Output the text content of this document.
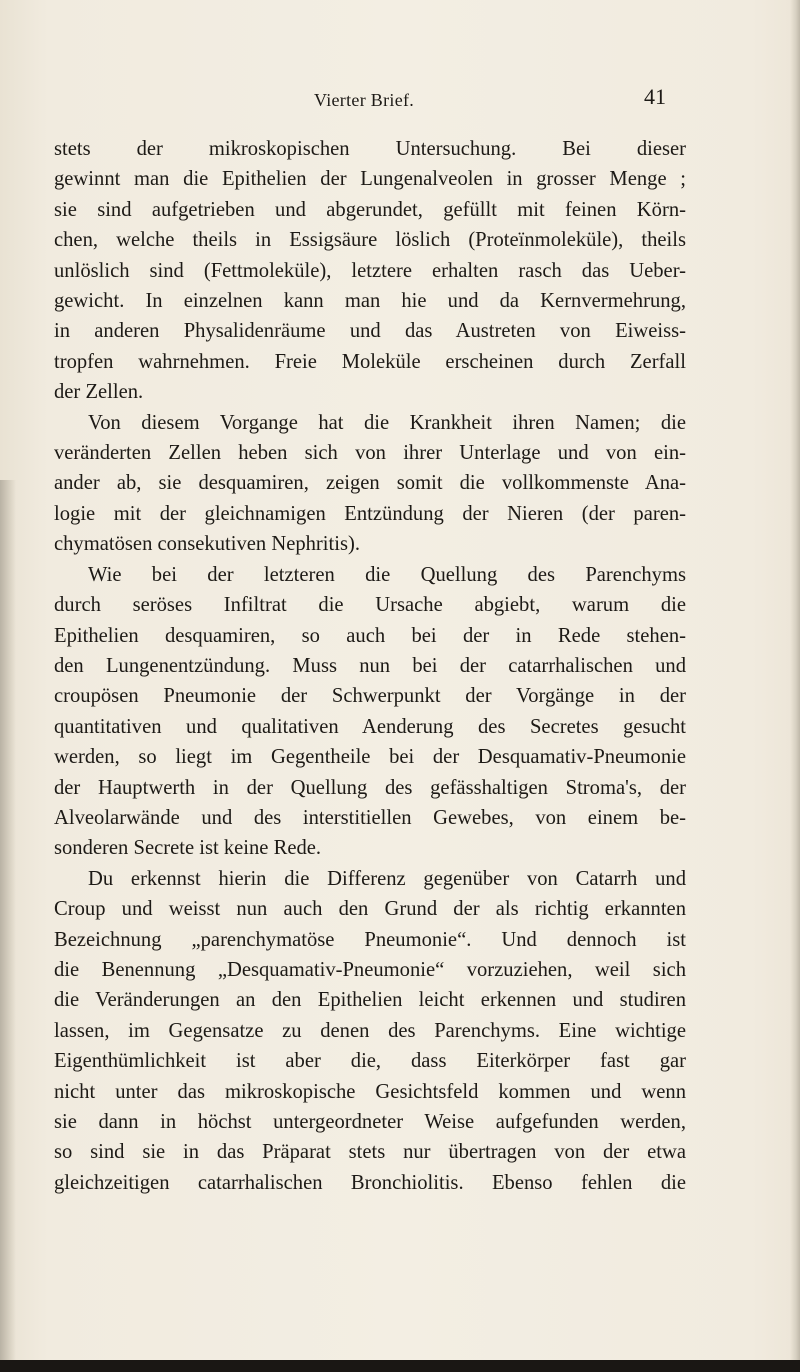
Vierter Brief.	41
stets der mikroskopischen Untersuchung. Bei dieser
gewinnt man die Epithelien der Lungenalveolen in grosser Menge ;
sie sind aufgetrieben und abgerundet, gefüllt mit feinen Körn-
chen, welche theils in Essigsäure löslich (Proteïnmoleküle), theils
unlöslich sind (Fettmoleküle), letztere erhalten rasch das Ueber-
gewicht. In einzelnen kann man hie und da Kernvermehrung,
in anderen Physalidenräume und das Austreten von Eiweiss-
tropfen wahrnehmen. Freie Moleküle erscheinen durch Zerfall
der Zellen.
Von diesem Vorgange hat die Krankheit ihren Namen; die
veränderten Zellen heben sich von ihrer Unterlage und von ein-
ander ab, sie desquamiren, zeigen somit die vollkommenste Ana-
logie mit der gleichnamigen Entzündung der Nieren (der paren-
chymatösen consekutiven Nephritis).
Wie bei der letzteren die Quellung des Parenchyms
durch seröses Infiltrat die Ursache abgiebt, warum die
Epithelien desquamiren, so auch bei der in Rede stehen-
den Lungenentzündung. Muss nun bei der catarrhalischen und
croupösen Pneumonie der Schwerpunkt der Vorgänge in der
quantitativen und qualitativen Aenderung des Secretes gesucht
werden, so liegt im Gegentheile bei der Desquamativ-Pneumonie
der Hauptwerth in der Quellung des gefässhaltigen Stroma's, der
Alveolarwände und des interstitiellen Gewebes, von einem be-
sonderen Secrete ist keine Rede.
Du erkennst hierin die Differenz gegenüber von Catarrh und
Croup und weisst nun auch den Grund der als richtig erkannten
Bezeichnung „parenchymatöse Pneumonie“. Und dennoch ist
die Benennung „Desquamativ-Pneumonie“ vorzuziehen, weil sich
die Veränderungen an den Epithelien leicht erkennen und studiren
lassen, im Gegensatze zu denen des Parenchyms. Eine wichtige
Eigenthümlichkeit ist aber die, dass Eiterkörper fast gar
nicht unter das mikroskopische Gesichtsfeld kommen und wenn
sie dann in höchst untergeordneter Weise aufgefunden werden,
so sind sie in das Präparat stets nur übertragen von der etwa
gleichzeitigen catarrhalischen Bronchiolitis. Ebenso fehlen die
